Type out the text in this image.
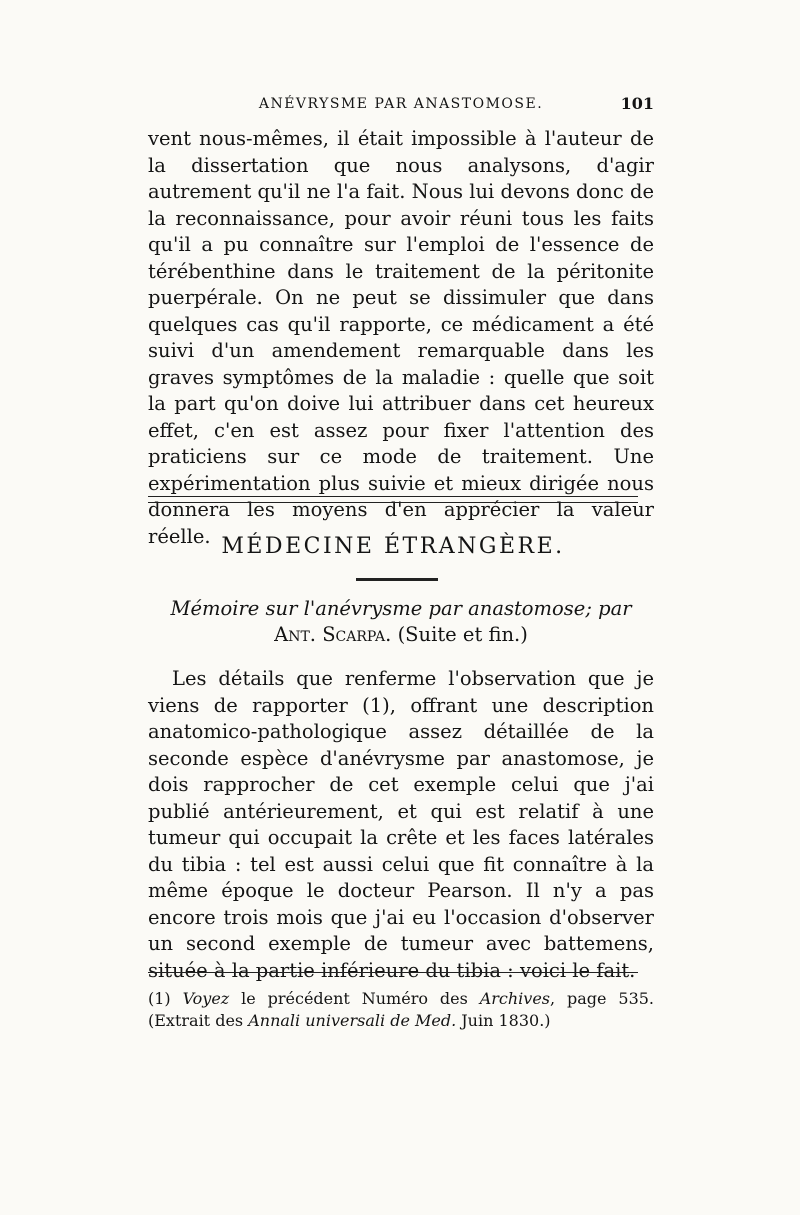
ANÉVRYSME PAR ANASTOMOSE.	101

vent nous-mêmes, il était impossible à l'auteur de la dissertation que nous analysons, d'agir autrement qu'il ne l'a fait. Nous lui devons donc de la reconnaissance, pour avoir réuni tous les faits qu'il a pu connaître sur l'emploi de l'essence de térébenthine dans le traitement de la péritonite puerpérale. On ne peut se dissimuler que dans quelques cas qu'il rapporte, ce médicament a été suivi d'un amendement remarquable dans les graves symptômes de la maladie : quelle que soit la part qu'on doive lui attribuer dans cet heureux effet, c'en est assez pour fixer l'attention des praticiens sur ce mode de traitement. Une expérimentation plus suivie et mieux dirigée nous donnera les moyens d'en apprécier la valeur réelle. MÉDECINE ÉTRANGÈRE.
Mémoire sur l'anévrysme par anastomose; par
Ant. Scarpa. (Suite et fin.)

Les détails que renferme l'observation que je viens de rapporter (1), offrant une description anatomico-pathologique assez détaillée de la seconde espèce d'anévrysme par anastomose, je dois rapprocher de cet exemple celui que j'ai publié antérieurement, et qui est relatif à une tumeur qui occupait la crête et les faces latérales du tibia : tel est aussi celui que fit connaître à la même époque le docteur Pearson. Il n'y a pas encore trois mois que j'ai eu l'occasion d'observer un second exemple de tumeur avec battemens, située à la partie inférieure du tibia : voici le fait.

(1) Voyez le précédent Numéro des Archives, page 535. (Extrait des Annali universali de Med. Juin 1830.)
